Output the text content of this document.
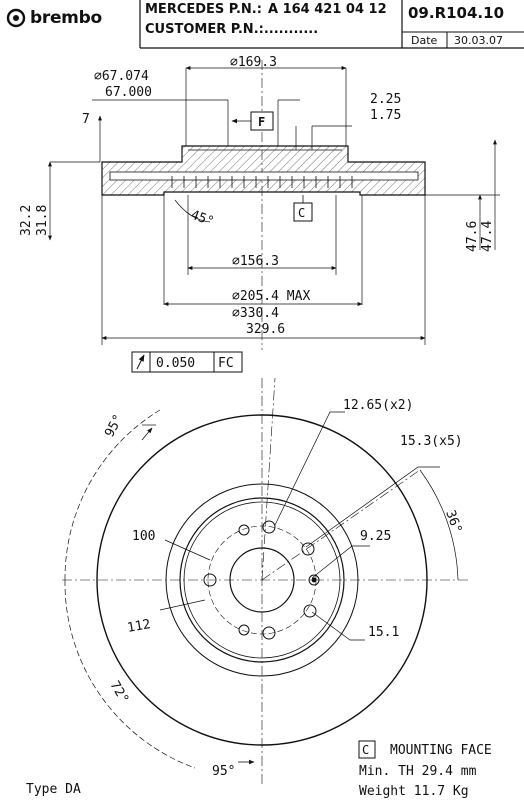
brembo	MERCEDES P.N.: A 164 421 04 12
CUSTOMER P.N.:...........
09.R104.10
Date 30.03.07
∅169.3
∅67.074
67.000	2.25
1.75
7	F
C
45°
32.2 31.8
47.6 47.4
∅156.3
∅205.4 MAX
∅330.4
329.6
0.050 FC
12.65(x2)
15.3(x5)
36°
95°
100	9.25
112	15.1
72°
95°
Type DA
C MOUNTING FACE
Min. TH 29.4 mm
Weight 11.7 Kg
